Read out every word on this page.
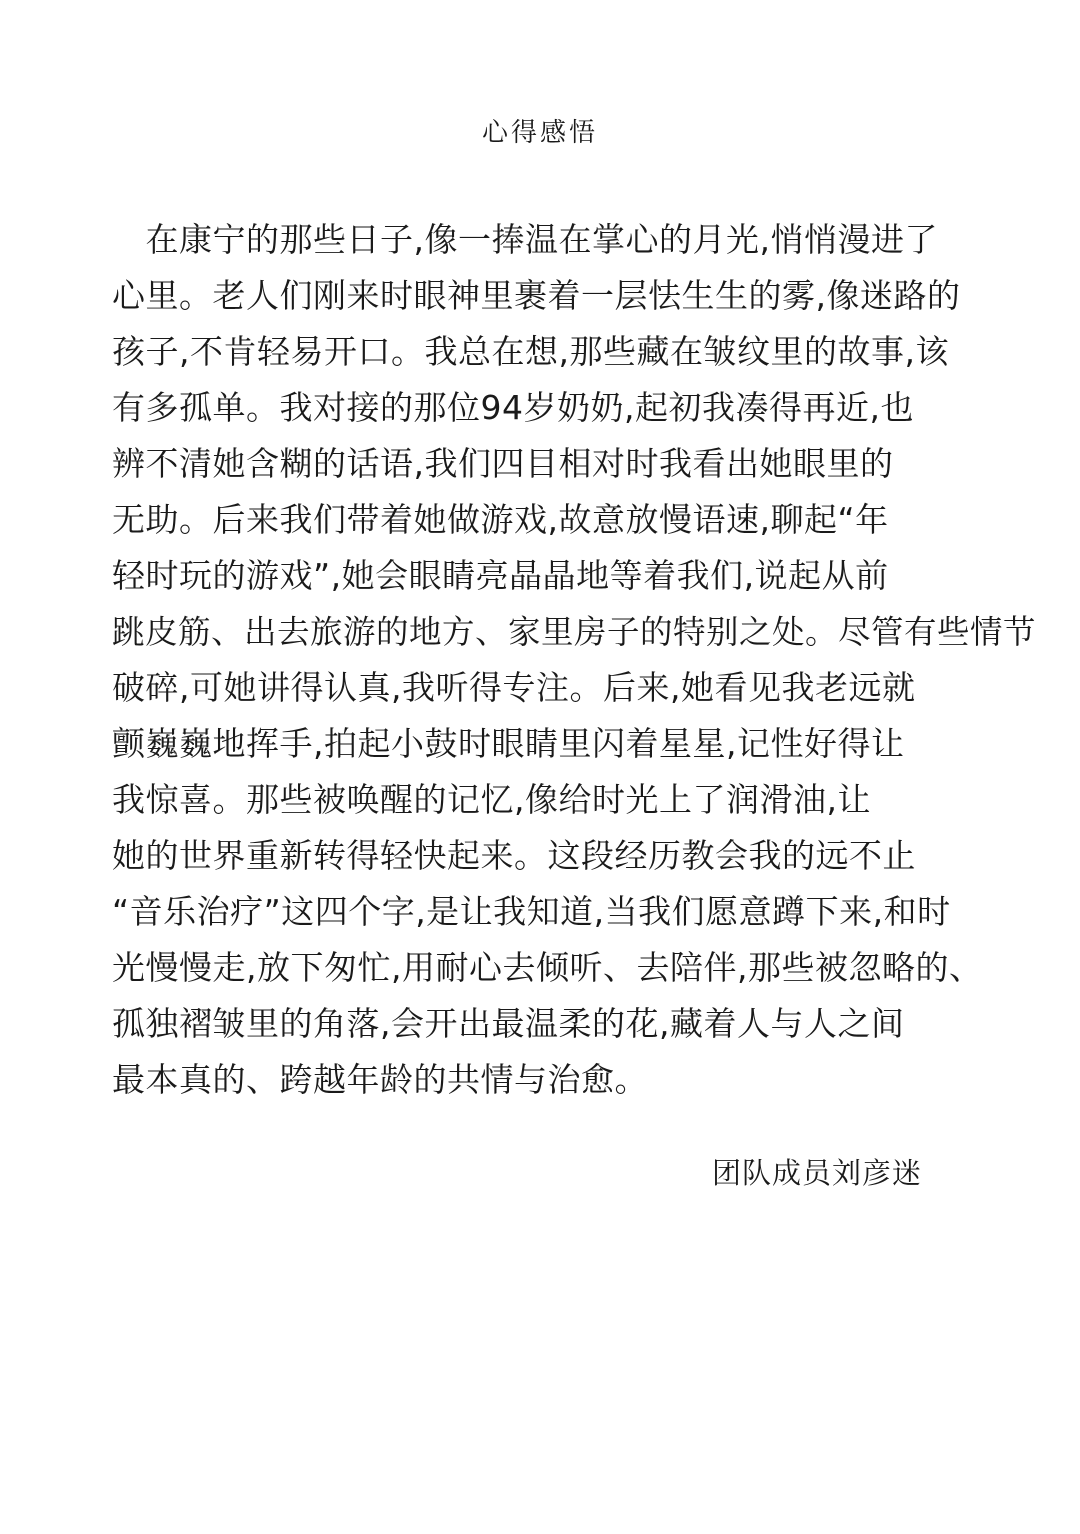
心得感悟
　在康宁的那些日子,像一捧温在掌心的月光,悄悄漫进了
心里。老人们刚来时眼神里裹着一层怯生生的雾,像迷路的
孩子,不肯轻易开口。我总在想,那些藏在皱纹里的故事,该
有多孤单。我对接的那位94岁奶奶,起初我凑得再近,也
辨不清她含糊的话语,我们四目相对时我看出她眼里的
无助。后来我们带着她做游戏,故意放慢语速,聊起“年
轻时玩的游戏”,她会眼睛亮晶晶地等着我们,说起从前
跳皮筋、出去旅游的地方、家里房子的特别之处。尽管有些情节
破碎,可她讲得认真,我听得专注。后来,她看见我老远就
颤巍巍地挥手,拍起小鼓时眼睛里闪着星星,记性好得让
我惊喜。那些被唤醒的记忆,像给时光上了润滑油,让
她的世界重新转得轻快起来。这段经历教会我的远不止
“音乐治疗”这四个字,是让我知道,当我们愿意蹲下来,和时
光慢慢走,放下匆忙,用耐心去倾听、去陪伴,那些被忽略的、
孤独褶皱里的角落,会开出最温柔的花,藏着人与人之间
最本真的、跨越年龄的共情与治愈。
团队成员刘彦迷
